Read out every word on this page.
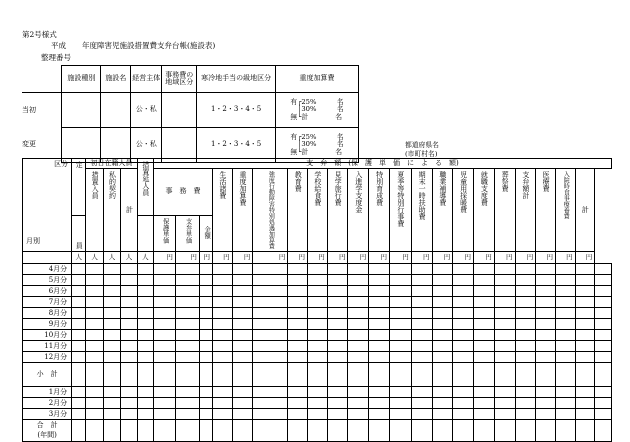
第2号様式
平成 年度障害児施設措置費支弁台帳(施設表)
整理番号
	施設種別	施設名	経営主体	事務費の地域区分	寒冷地手当の級地区分	重度加算費
当初			公・私		1・2・3・4・5	有┌25%　　　 名
　│30%　　　 名
無└計　　　　 名

変更			公・私		1・2・3・4・5	有┌25%　　　 名
　│30%　　　 名
無└計　　　　 名
都道府県名
(市町村名)
区分
月別	定	初日在籍人員			措置延人員	支　弁　額　(保　護　単　価　に　よ　る　額)																					
		措置入員	私的契約	計		事　務　費			生活諸費	重度加算費	強度行動障害特別処遇加算費	教育費	学校給食費	見学旅行費	入進学支度金	特別育成費	夏季等特別行事費	期末一時扶助費	職業補導費	児童用採暖費	就職支度費	葬祭費	支弁額計	医療費	入院時食事療養費	計	
	員					保護単価	支弁単価	金額																			
	人	人	人	人	人	円	円	円	円	円	円	円	円	円	円	円	円	円	円	円	円	円	円	円	円	円	
4月分																											
5月分																											
6月分																											
7月分																											
8月分																											
9月分																											
10月分																											
11月分																											
12月分																											
小　計																											
1月分																											
2月分																											
3月分																											
合　計																											
(年間)																											
